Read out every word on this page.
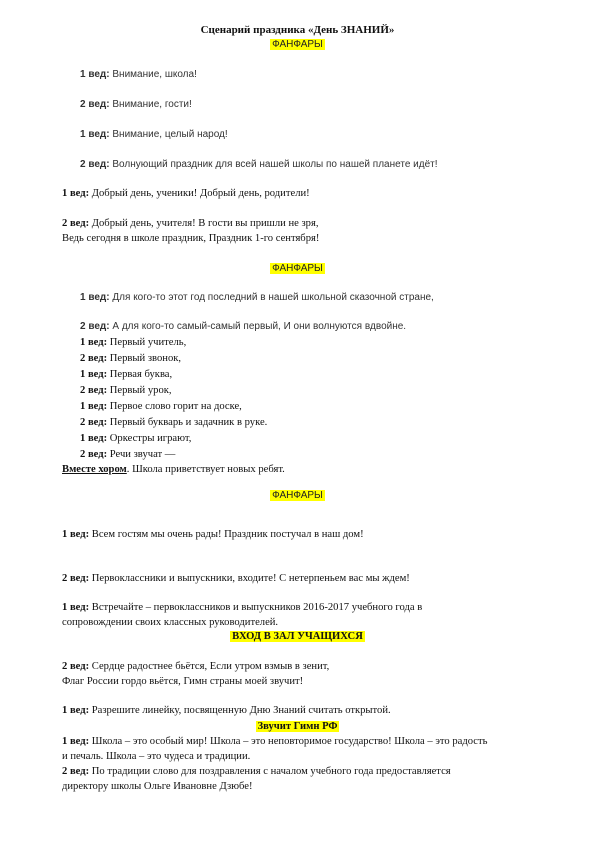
Сценарий праздника «День ЗНАНИЙ»
ФАНФАРЫ
1 вед: Внимание, школа!
2 вед: Внимание, гости!
1 вед: Внимание, целый народ!
2 вед: Волнующий праздник для всей нашей школы по нашей планете идёт!
1 вед: Добрый день, ученики! Добрый день, родители!
2 вед: Добрый день, учителя! В гости вы пришли не зря,
Ведь сегодня в школе праздник, Праздник 1-го сентября!
ФАНФАРЫ
1 вед: Для кого-то этот год последний в нашей школьной сказочной стране,
2 вед: А для кого-то самый-самый первый, И они волнуются вдвойне.
1 вед: Первый учитель,
2 вед: Первый звонок,
1 вед: Первая буква,
2 вед: Первый урок,
1 вед: Первое слово горит на доске,
2 вед: Первый букварь и задачник в руке.
1 вед: Оркестры играют,
2 вед: Речи звучат —
Вместе хором. Школа приветствует новых ребят.
ФАНФАРЫ
1 вед: Всем гостям мы очень рады! Праздник постучал в наш дом!
2 вед: Первоклассники и выпускники, входите! С нетерпеньем вас мы ждем!
1 вед: Встречайте – первоклассников и выпускников 2016-2017 учебного года в
сопровождении своих классных руководителей.
ВХОД В ЗАЛ УЧАЩИХСЯ
2 вед: Сердце радостнее бьётся, Если утром взмыв в зенит,
Флаг России гордо вьётся, Гимн страны моей звучит!
1 вед: Разрешите линейку, посвященную Дню Знаний считать открытой.
Звучит Гимн РФ
1 вед: Школа – это особый мир! Школа – это неповторимое государство! Школа – это радость
и печаль. Школа – это чудеса и традиции.
2 вед: По традиции слово для поздравления с началом учебного года предоставляется
директору школы Ольге Ивановне Дзюбе!
